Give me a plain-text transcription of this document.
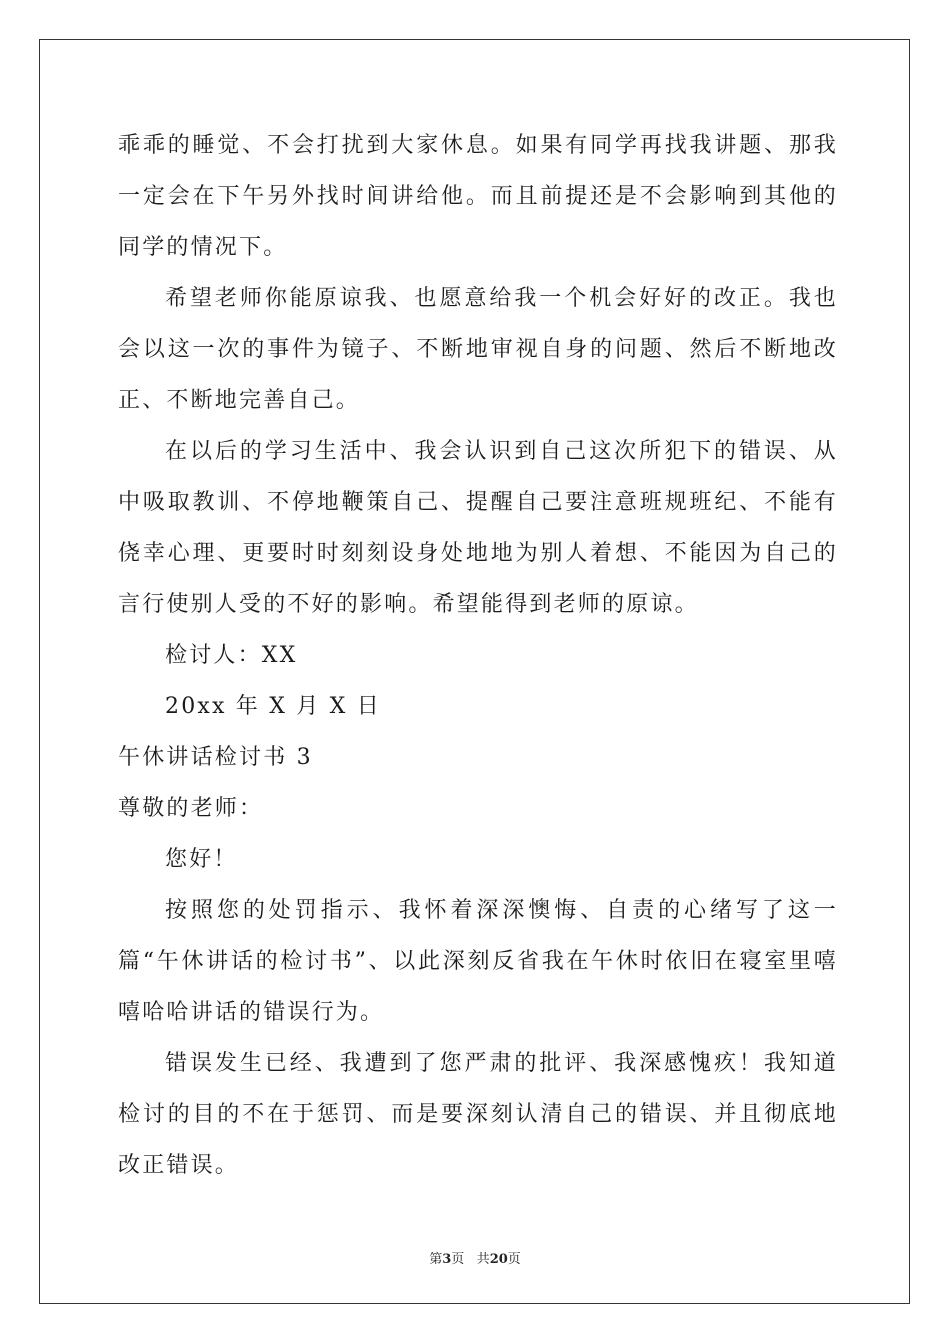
乖乖的睡觉、不会打扰到大家休息。如果有同学再找我讲题、那我一定会在下午另外找时间讲给他。而且前提还是不会影响到其他的同学的情况下。

希望老师你能原谅我、也愿意给我一个机会好好的改正。我也会以这一次的事件为镜子、不断地审视自身的问题、然后不断地改正、不断地完善自己。

在以后的学习生活中、我会认识到自己这次所犯下的错误、从中吸取教训、不停地鞭策自己、提醒自己要注意班规班纪、不能有侥幸心理、更要时时刻刻设身处地地为别人着想、不能因为自己的言行使别人受的不好的影响。希望能得到老师的原谅。

检讨人：XX

20xx 年 X 月 X 日

午休讲话检讨书 3

尊敬的老师：

您好！

按照您的处罚指示、我怀着深深懊悔、自责的心绪写了这一篇“午休讲话的检讨书”、以此深刻反省我在午休时依旧在寝室里嘻嘻哈哈讲话的错误行为。

错误发生已经、我遭到了您严肃的批评、我深感愧疚！我知道检讨的目的不在于惩罚、而是要深刻认清自己的错误、并且彻底地改正错误。

第3页 共20页
